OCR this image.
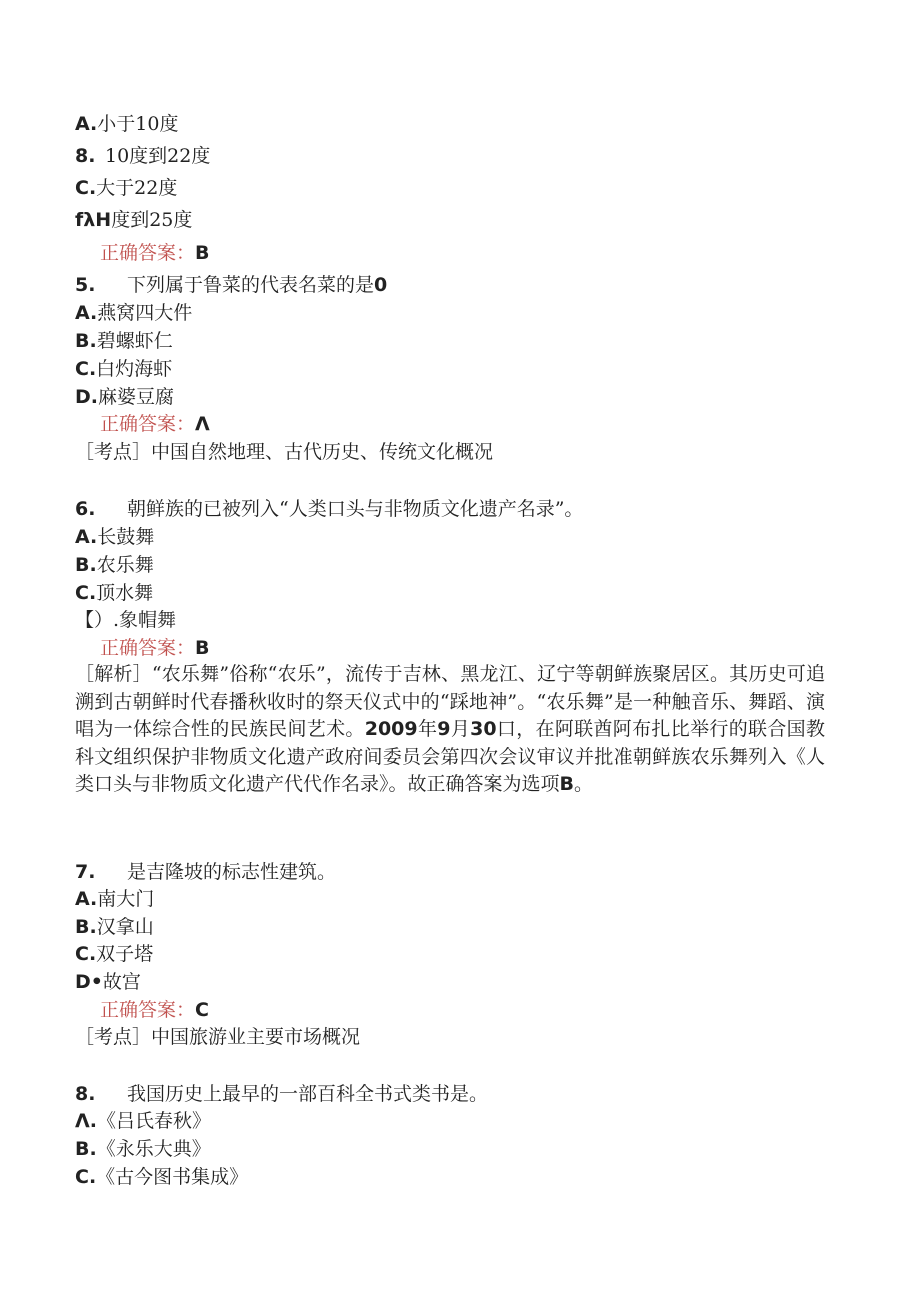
A.小于10度
8. 10度到22度
C.大于22度
fλH度到25度
正确答案：B
5. 下列属于鲁菜的代表名菜的是0
A.燕窝四大件
B.碧螺虾仁
C.白灼海虾
D.麻婆豆腐
正确答案：Λ
［考点］中国自然地理、古代历史、传统文化概况
6. 朝鲜族的已被列入“人类口头与非物质文化遗产名录”。
A.长鼓舞
B.农乐舞
C.顶水舞
【）.象帽舞
正确答案：B
［解析］“农乐舞”俗称“农乐”，流传于吉林、黑龙江、辽宁等朝鲜族聚居区。其历史可追溯到古朝鲜时代春播秋收时的祭天仪式中的“踩地神”。“农乐舞”是一种触音乐、舞蹈、演唱为一体综合性的民族民间艺术。2009年9月30口，在阿联酋阿布扎比举行的联合国教科文组织保护非物质文化遗产政府间委员会第四次会议审议并批准朝鲜族农乐舞列入《人类口头与非物质文化遗产代代作名录》。故正确答案为选项B。
7. 是吉隆坡的标志性建筑。
A.南大门
B.汉拿山
C.双子塔
D•故宫
正确答案：C
［考点］中国旅游业主要市场概况
8. 我国历史上最早的一部百科全书式类书是。
Λ.《吕氏春秋》
B.《永乐大典》
C.《古今图书集成》
